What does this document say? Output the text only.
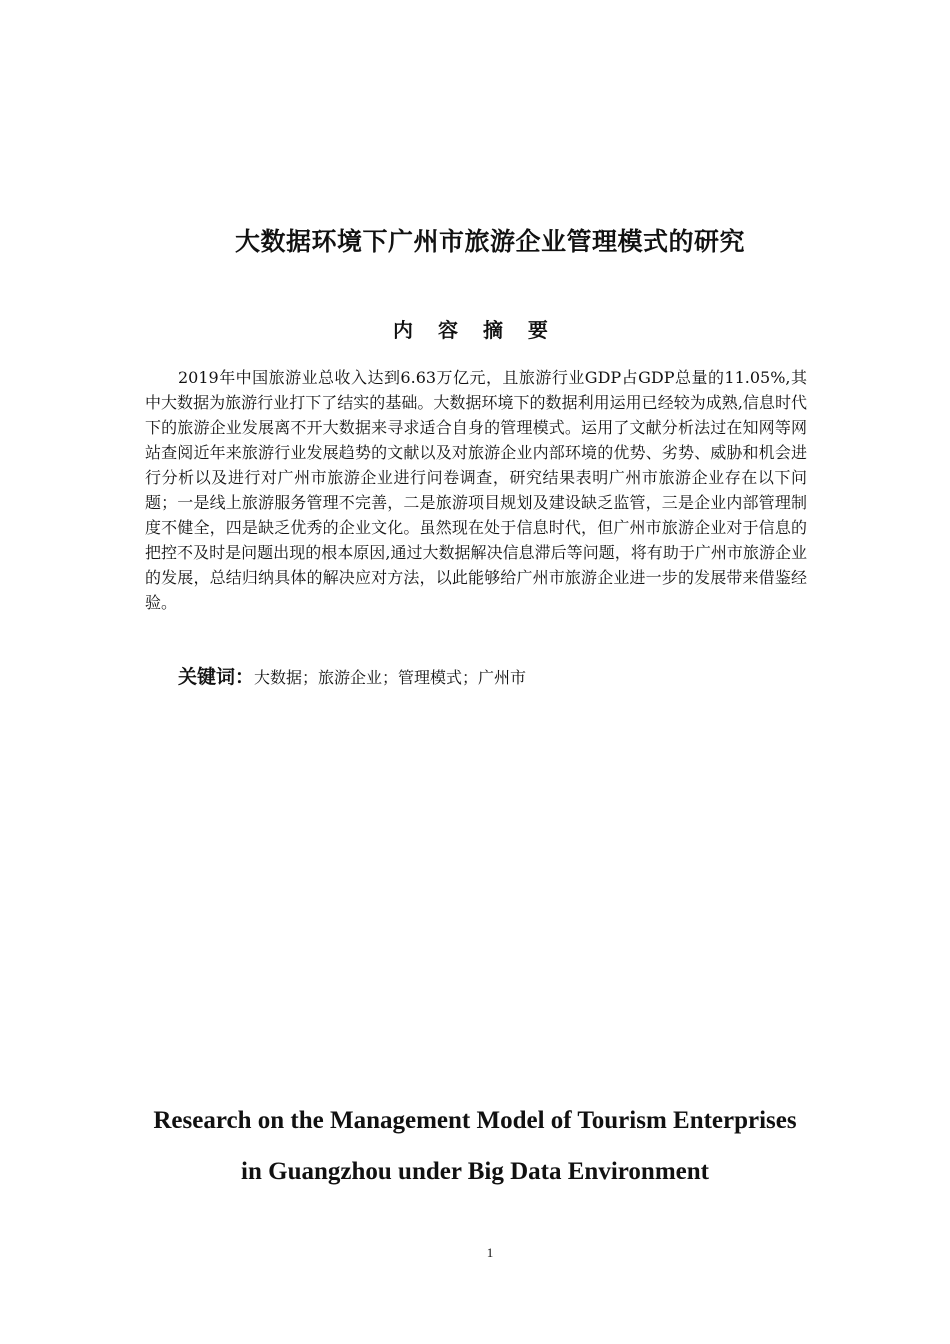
大数据环境下广州市旅游企业管理模式的研究
内 容 摘 要

2019年中国旅游业总收入达到6.63万亿元，且旅游行业GDP占GDP总量的11.05%,其中大数据为旅游行业打下了结实的基础。大数据环境下的数据利用运用已经较为成熟,信息时代下的旅游企业发展离不开大数据来寻求适合自身的管理模式。运用了文献分析法过在知网等网站查阅近年来旅游行业发展趋势的文献以及对旅游企业内部环境的优势、劣势、威胁和机会进行分析以及进行对广州市旅游企业进行问卷调查，研究结果表明广州市旅游企业存在以下问题；一是线上旅游服务管理不完善，二是旅游项目规划及建设缺乏监管，三是企业内部管理制度不健全，四是缺乏优秀的企业文化。虽然现在处于信息时代，但广州市旅游企业对于信息的把控不及时是问题出现的根本原因,通过大数据解决信息滞后等问题，将有助于广州市旅游企业的发展，总结归纳具体的解决应对方法，以此能够给广州市旅游企业进一步的发展带来借鉴经验。

关键词：大数据；旅游企业；管理模式；广州市
Research on the Management Model of Tourism Enterprises
in Guangzhou under Big Data Environment
1
